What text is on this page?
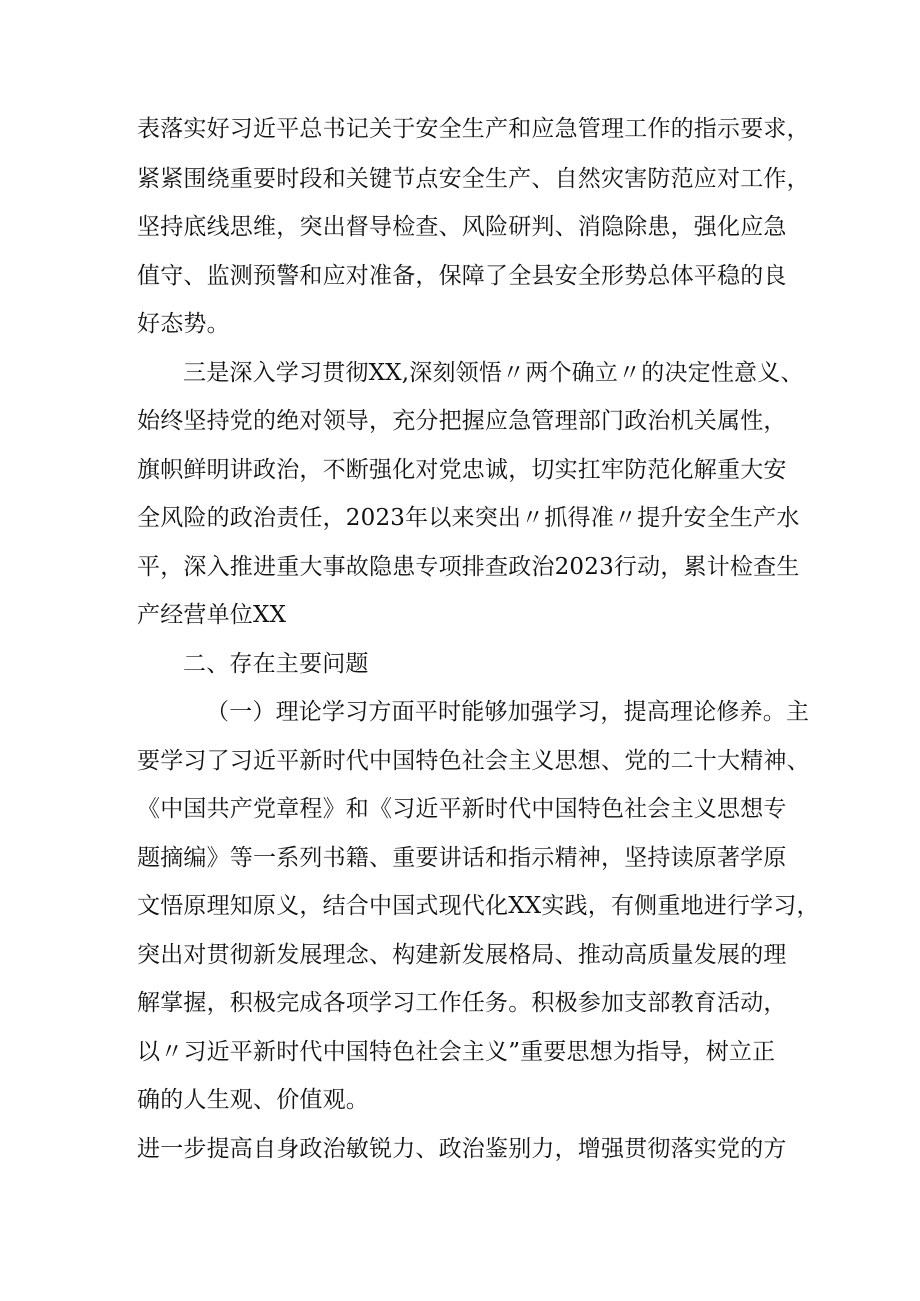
表落实好习近平总书记关于安全生产和应急管理工作的指示要求，
紧紧围绕重要时段和关键节点安全生产、自然灾害防范应对工作，
坚持底线思维，突出督导检查、风险研判、消隐除患，强化应急
值守、监测预警和应对准备，保障了全县安全形势总体平稳的良
好态势。
三是深入学习贯彻XX,深刻领悟〃两个确立〃的决定性意义、
始终坚持党的绝对领导，充分把握应急管理部门政治机关属性，
旗帜鲜明讲政治，不断强化对党忠诚，切实扛牢防范化解重大安
全风险的政治责任，2023年以来突出〃抓得准〃提升安全生产水
平，深入推进重大事故隐患专项排查政治2023行动，累计检查生
产经营单位XX
二、存在主要问题
（一）理论学习方面平时能够加强学习，提高理论修养。主
要学习了习近平新时代中国特色社会主义思想、党的二十大精神、
《中国共产党章程》和《习近平新时代中国特色社会主义思想专
题摘编》等一系列书籍、重要讲话和指示精神，坚持读原著学原
文悟原理知原义，结合中国式现代化XX实践，有侧重地进行学习，
突出对贯彻新发展理念、构建新发展格局、推动高质量发展的理
解掌握，积极完成各项学习工作任务。积极参加支部教育活动，
以〃习近平新时代中国特色社会主义”重要思想为指导，树立正
确的人生观、价值观。
进一步提高自身政治敏锐力、政治鉴别力，增强贯彻落实党的方
